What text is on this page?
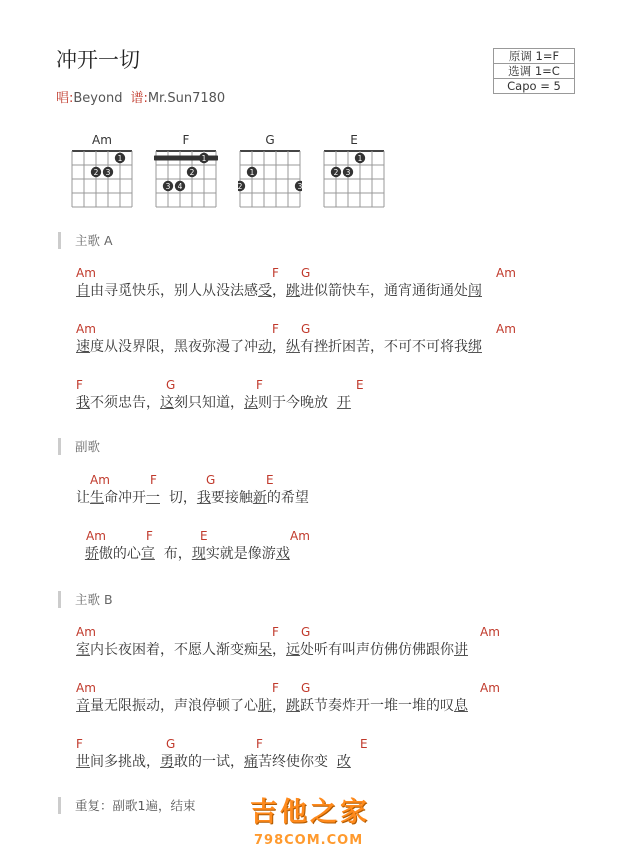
冲开一切
唱:Beyond 谱:Mr.Sun7180
原调 1=F
选调 1=C
Capo = 5
Am
1
2 3
F
1
2
3 4
G
1
2	3
E
1
2 3
主歌 A
Am	F G	Am
自由寻觅快乐，别人从没法感受，跳进似箭快车，通宵通街通处闯
Am	F G	Am
速度从没界限，黑夜弥漫了冲动，纵有挫折困苦，不可不可将我绑
F	G	F	E
我不须忠告，这刻只知道，法则于今晚放  开
副歌
Am	F	G	E
让生命冲开一  切，我要接触新的希望
Am	F	E	Am
骄傲的心宣  布，现实就是像游戏
主歌 B
Am	F G	Am
室内长夜困着，不愿人渐变痴呆，远处听有叫声仿佛仿佛跟你讲
Am	F G	Am
音量无限振动，声浪停顿了心脏，跳跃节奏炸开一堆一堆的叹息
F	G	F	E
世间多挑战，勇敢的一试，痛苦终使你变  改
重复：副歌1遍，结束 吉他之家
798COM.COM
